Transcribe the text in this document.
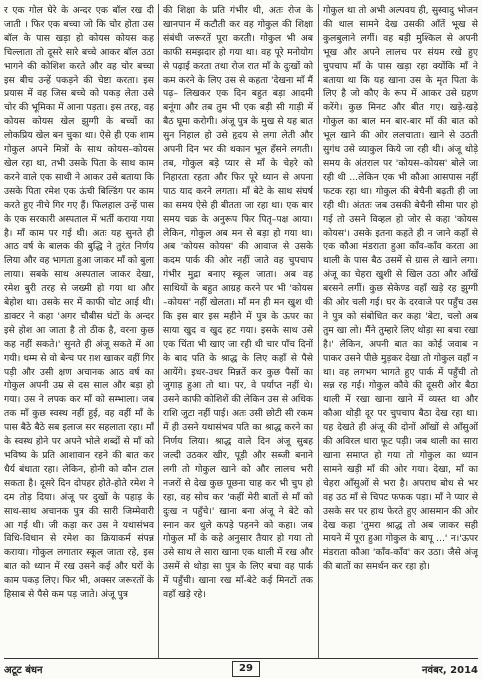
र एक गोल घेरे के अन्दर एक बॉल रख दी जाती । फिर एक बच्चा जो कि चोर होता उस बॉल के पास खड़ा हो कोयस कोयस कह चिल्लाता तो दूसरे सारे बच्चे आकर बॉल उठा भागने की कोशिश करते और वह चोर बच्चा इस बीच उन्हें पकड़ने की चेष्टा करता। इस प्रयास में वह जिस बच्चे को पकड़ लेता उसे चोर की भूमिका में आना पड़ता। इस तरह, वह कोयस कोयस खेल झुग्गी के बच्चों का लोकप्रिय खेल बन चुका था। ऐसे ही एक शाम गोकुल अपने मित्रों के साथ कोयस–कोयस खेल रहा था, तभी उसके पिता के साथ काम करने वाले एक साथी ने आकर उसे बताया कि उसके पिता रमेश एक ऊंची बिल्डिंग पर काम करते हुए नीचे गिर गए हैं। फिलहाल उन्हें पास के एक सरकारी अस्पताल में भर्ती कराया गया है। माँ काम पर गई थी। अतः यह सुनते ही आठ वर्ष के बालक की बुद्धि ने तुरंत निर्णय लिया और वह भागता हुआ जाकर माँ को बुला लाया। सबके साथ अस्पताल जाकर देखा, रमेश बुरी तरह से जख्मी हो गया था और बेहोश था। उसके सर में काफी चोट आई थी। डाक्टर ने कहा 'अगर चौबीस घंटों के अन्दर इसे होश आ जाता है तो ठीक है, वरना कुछ कह नहीं सकते।' सुनते ही अंजू सकते में आ गयी। धम्म से वो बेन्च पर ग़श खाकर वहीं गिर पड़ी और उसी क्षण अचानक आठ वर्ष का गोकुल अपनी उम्र से दस साल और बड़ा हो गया। उस ने लपक कर माँ को सम्भाला। जब तक माँ कुछ स्वस्थ नहीं हुई, वह वहीं माँ के पास बैठे बैठे सब इलाज सर सहलाता रहा। माँ के स्वस्थ होने पर अपने भोले शब्दों से माँ को भविष्य के प्रति आशावान रहने की बात कर धैर्य बंधाता रहा। लेकिन, होनी को कौन टाल सकता है। दूसरे दिन दोपहर होते-होते रमेश ने दम तोड़ दिया। अंजू पर दुखों के पहाड़ के साथ-साथ अचानक पुत्र की सारी जिम्मेवारी आ गई थी। जी कड़ा कर उस ने यथासंभव विधि-विधान से रमेश का क्रियाकर्म संपन्न कराया। गोकुल लगातार स्कूल जाता रहे, इस बात को ध्यान में रख उसने कई और घरों के काम पकड़ लिए। फिर भी, अक्सर जरूरतों के हिसाब से पैसे कम पड़ जाते। अंजू पुत्र

की शिक्षा के प्रति गंभीर थी, अतः रोज के खानपान में कटौती कर वह गोकुल की शिक्षा संबंधी जरूरतें पूरा करती। गोकुल भी अब काफी समझदार हो गया था। वह पूरे मनोयोग से पढ़ाई करता तथा रोज रात माँ के दुःखों को कम करने के लिए उस से कहता 'देखना माँ मैं पढ़– लिखकर एक दिन बहुत बड़ा आदमी बनूंगा और तब तुम भी एक बड़ी सी गाड़ी में बैठ घूमा करोगी। अंजू पुत्र के मुख से यह बात सुन निहाल हो उसे हृदय से लगा लेती और अपनी दिन भर की थकान भूल हँसने लगती। तब, गोकुल बड़े प्यार से माँ के चेहरे को निहारता रहता और फिर पूरे ध्यान से अपना पाठ याद करने लगता। माँ बेटे के साथ संघर्ष का समय ऐसे ही बीतता जा रहा था। एक बार समय चक्र के अनुरूप फिर पितृ–पक्ष आया। लेकिन, गोकुल अब मन से बड़ा हो गया था। अब 'कोयस कोयस' की आवाज से उसके कदम पार्क की ओर नहीं जाते वह चुपचाप गंभीर मुद्रा बनाए स्कूल जाता। अब वह साथियों के बहुत आग्रह करने पर भी 'कोयस –कोयस' नहीं खेलता। माँ मन ही मन खुश थी कि इस बार इस महीने में पुत्र के ऊपर का साया खुद व खुद हट गया। इसके साथ उसे एक चिंता भी खाए जा रही थी चार पाँच दिनों के बाद पति के श्राद्ध के लिए कहाँ से पैसे आयेंगे। इधर-उधर मिन्नतें कर कुछ पैसों का जुगाड़ हुआ तो था। पर, वे पर्याप्त नहीं थे। उसने काफी कोशिशें की लेकिन उस से अधिक राशि जुटा नहीं पाई। अतः उसी छोटी सी रकम में ही उसने यथासंभव पति का श्राद्ध करने का निर्णय लिया। श्राद्ध वाले दिन अंजू सुबह जल्दी उठकर खीर, पूड़ी और सब्जी बनाने लगी तो गोकुल खाने को और लालच भरी नजरों से देख कुछ पूछना चाह कर भी चुप हो रहा, वह सोच कर 'कहीं मेरी बातों से माँ को दुःख न पहुँचे।' खाना बना अंजू ने बेटे को स्नान कर धुले कपड़े पहनने को कहा। जब गोकुल माँ के कहे अनुसार तैयार हो गया तो उसे साथ ले सारा खाना एक थाली में रख और उसमें से थोड़ा सा पुत्र के लिए बचा वह पार्क में पहुँची। खाना रख माँ-बेटे कई मिनटों तक वहाँ खड़े रहे।

गोकुल था तो अभी अल्पवय ही, सुस्वादु भोजन की थाल सामने देख उसकी आँतें भूख से कुलबुलाने लगीं। वह बड़ी मुश्किल से अपनी भूख और अपने लालच पर संयम रखे हुए चुपचाप माँ के पास खड़ा रहा क्योंकि माँ ने बताया था कि यह खाना उस के मृत पिता के लिए है जो कौए के रूप में आकर उसे ग्रहण करेंगे। कुछ मिनट और बीत गए। खड़े-खड़े गोकुल का बाल मन बार-बार माँ की बात को भूल खाने की ओर ललचाता। खाने से उठती सुगंध उसे व्याकुल किये जा रही थी। अंजू थोड़े समय के अंतराल पर 'कोयस–कोयस' बोले जा रही थी ...लेकिन एक भी कौआ आसपास नहीं फटक रहा था। गोकुल की बेचैनी बढ़ती ही जा रही थी। अंततः जब उसकी बेचैनी सीमा पार हो गई तो उसने विव्हल हो जोर से कहा 'कोयस कोयस'। उसके इतना कहते ही न जाने कहाँ से एक कौआ मंडराता हुआ काँव-काँव करता आ थाली के पास बैठ उसमें से ग्रास ले खाने लगा। अंजू का चेहरा खुशी से खिल उठा और आँखें बरसने लगीं। कुछ सेकेण्ड वहाँ खड़े रह झुग्गी की ओर चली गई। घर के दरवाजे पर पहुँच उस ने पुत्र को संबोधित कर कहा 'बेटा, चलो अब तुम खा लो। मैंने तुम्हारे लिए थोड़ा सा बचा रखा है।' लेकिन, अपनी बात का कोई जवाब न पाकर उसने पीछे मुड़कर देखा तो गोकुल वहाँ न था। वह लगभग भागते हुए पार्क में पहुँची तो सन्न रह गई। गोकुल कौवे की दूसरी ओर बैठा थाली में रखा खाना खाने में व्यस्त था और कौआ थोड़ी दूर पर चुपचाप बैठा देख रहा था। यह देखते ही अंजू की दोनों आँखों से आँसुओं की अविरल धारा फूट पड़ी। जब थाली का सारा खाना समाप्त हो गया तो गोकुल का ध्यान सामने खड़ी माँ की ओर गया। देखा, माँ का चेहरा आँसुओं से भरा है। अपराध बोध से भर वह उठ माँ से चिपट फफक पड़ा। माँ ने प्यार से उसके सर पर हाथ फेरते हुए आसमान की ओर देख कहा 'तुमरा श्राद्ध तो अब जाकर सही मायने में पूरा हुआ गोकुल के बापू ...' न।'ऊपर मंडराता कौआ 'काँव-काँव' कर उठा। जैसे अंजू की बातों का समर्थन कर रहा हो।

अटूट बंधन	29	नवंबर, 2014
